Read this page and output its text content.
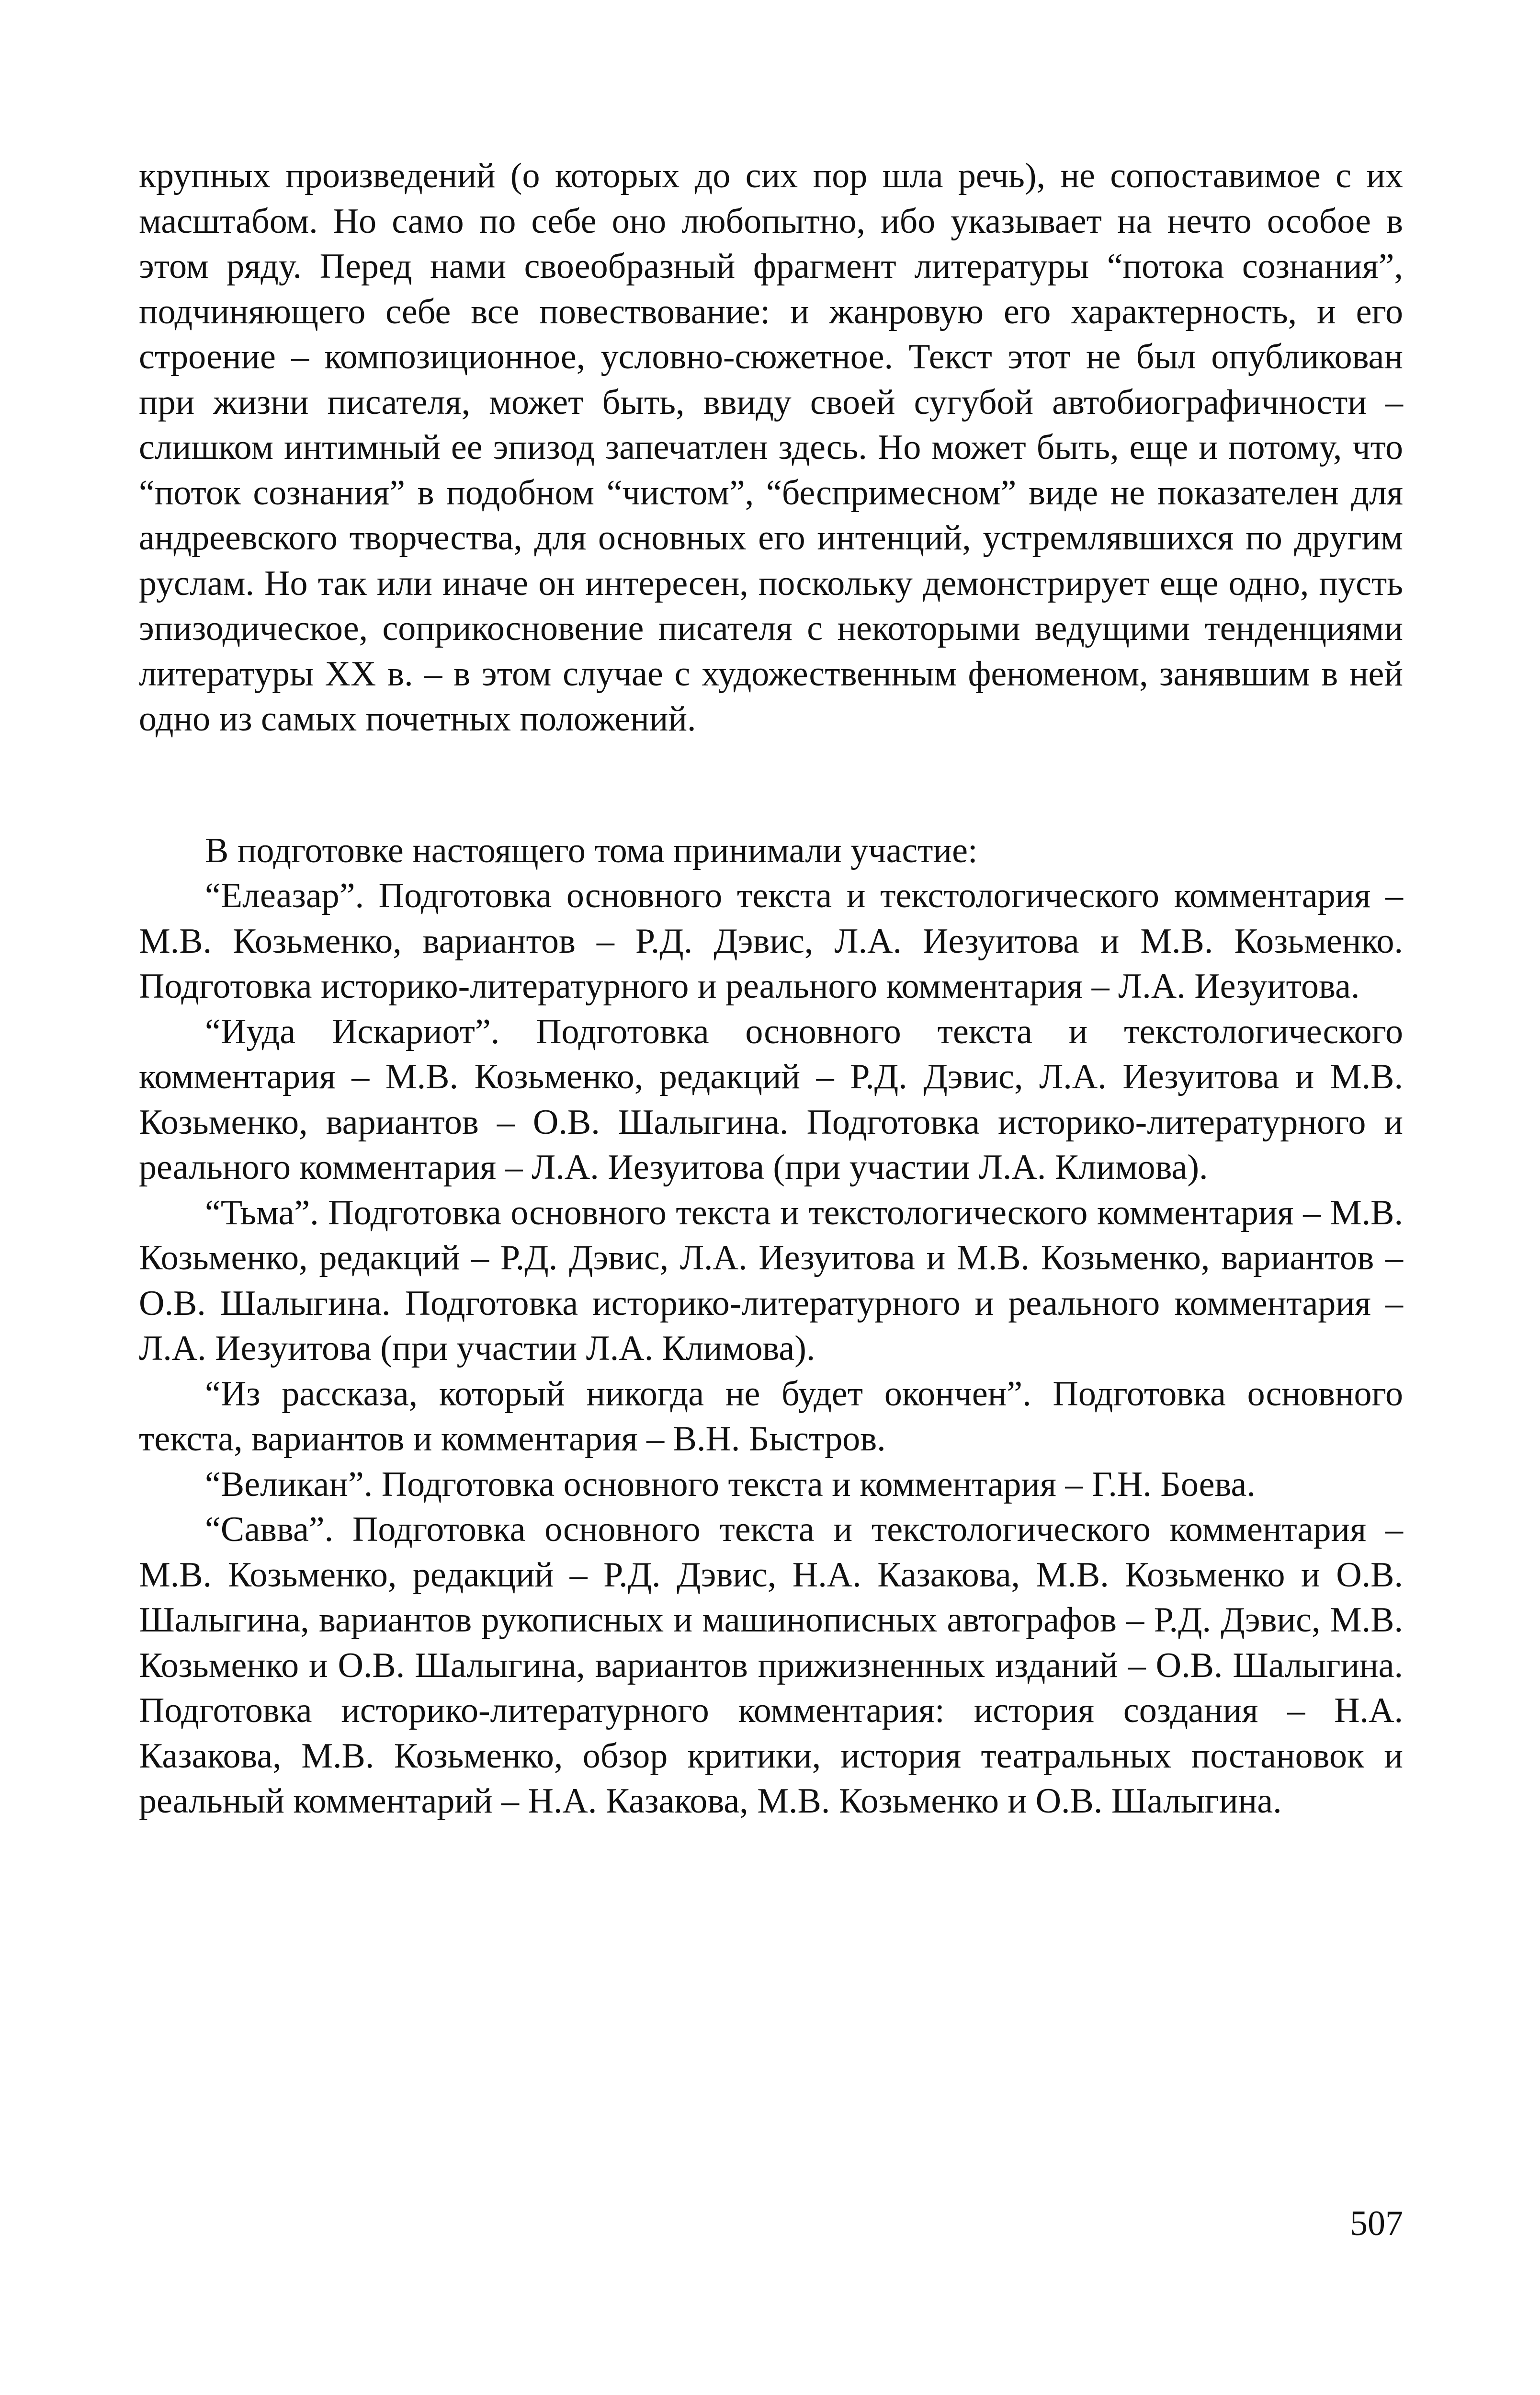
крупных произведений (о которых до сих пор шла речь), не сопоставимое с их масштабом. Но само по себе оно любопытно, ибо указывает на нечто особое в этом ряду. Перед нами своеобразный фрагмент литературы “потока сознания”, подчиняющего себе все повествование: и жанровую его характерность, и его строение – композиционное, условно-сюжетное. Текст этот не был опубликован при жизни писателя, может быть, ввиду своей сугубой автобиографичности – слишком интимный ее эпизод запечатлен здесь. Но может быть, еще и потому, что “поток сознания” в подобном “чистом”, “беспримесном” виде не показателен для андреевского творчества, для основных его интенций, устремлявшихся по другим руслам. Но так или иначе он интересен, поскольку демонстрирует еще одно, пусть эпизодическое, соприкосновение писателя с некоторыми ведущими тенденциями литературы XX в. – в этом случае с художественным феноменом, занявшим в ней одно из самых почетных положений.

В подготовке настоящего тома принимали участие:

“Елеазар”. Подготовка основного текста и текстологического комментария – М.В. Козьменко, вариантов – Р.Д. Дэвис, Л.А. Иезуитова и М.В. Козьменко. Подготовка историко-литературного и реального комментария – Л.А. Иезуитова.

“Иуда Искариот”. Подготовка основного текста и текстологического комментария – М.В. Козьменко, редакций – Р.Д. Дэвис, Л.А. Иезуитова и М.В. Козьменко, вариантов – О.В. Шалыгина. Подготовка историко-литературного и реального комментария – Л.А. Иезуитова (при участии Л.А. Климова).

“Тьма”. Подготовка основного текста и текстологического комментария – М.В. Козьменко, редакций – Р.Д. Дэвис, Л.А. Иезуитова и М.В. Козьменко, вариантов – О.В. Шалыгина. Подготовка историко-литературного и реального комментария – Л.А. Иезуитова (при участии Л.А. Климова).

“Из рассказа, который никогда не будет окончен”. Подготовка основного текста, вариантов и комментария – В.Н. Быстров.

“Великан”. Подготовка основного текста и комментария – Г.Н. Боева.

“Савва”. Подготовка основного текста и текстологического комментария – М.В. Козьменко, редакций – Р.Д. Дэвис, Н.А. Казакова, М.В. Козьменко и О.В. Шалыгина, вариантов рукописных и машинописных автографов – Р.Д. Дэвис, М.В. Козьменко и О.В. Шалыгина, вариантов прижизненных изданий – О.В. Шалыгина. Подготовка историко-литературного комментария: история создания – Н.А. Казакова, М.В. Козьменко, обзор критики, история театральных постановок и реальный комментарий – Н.А. Казакова, М.В. Козьменко и О.В. Шалыгина.

507
